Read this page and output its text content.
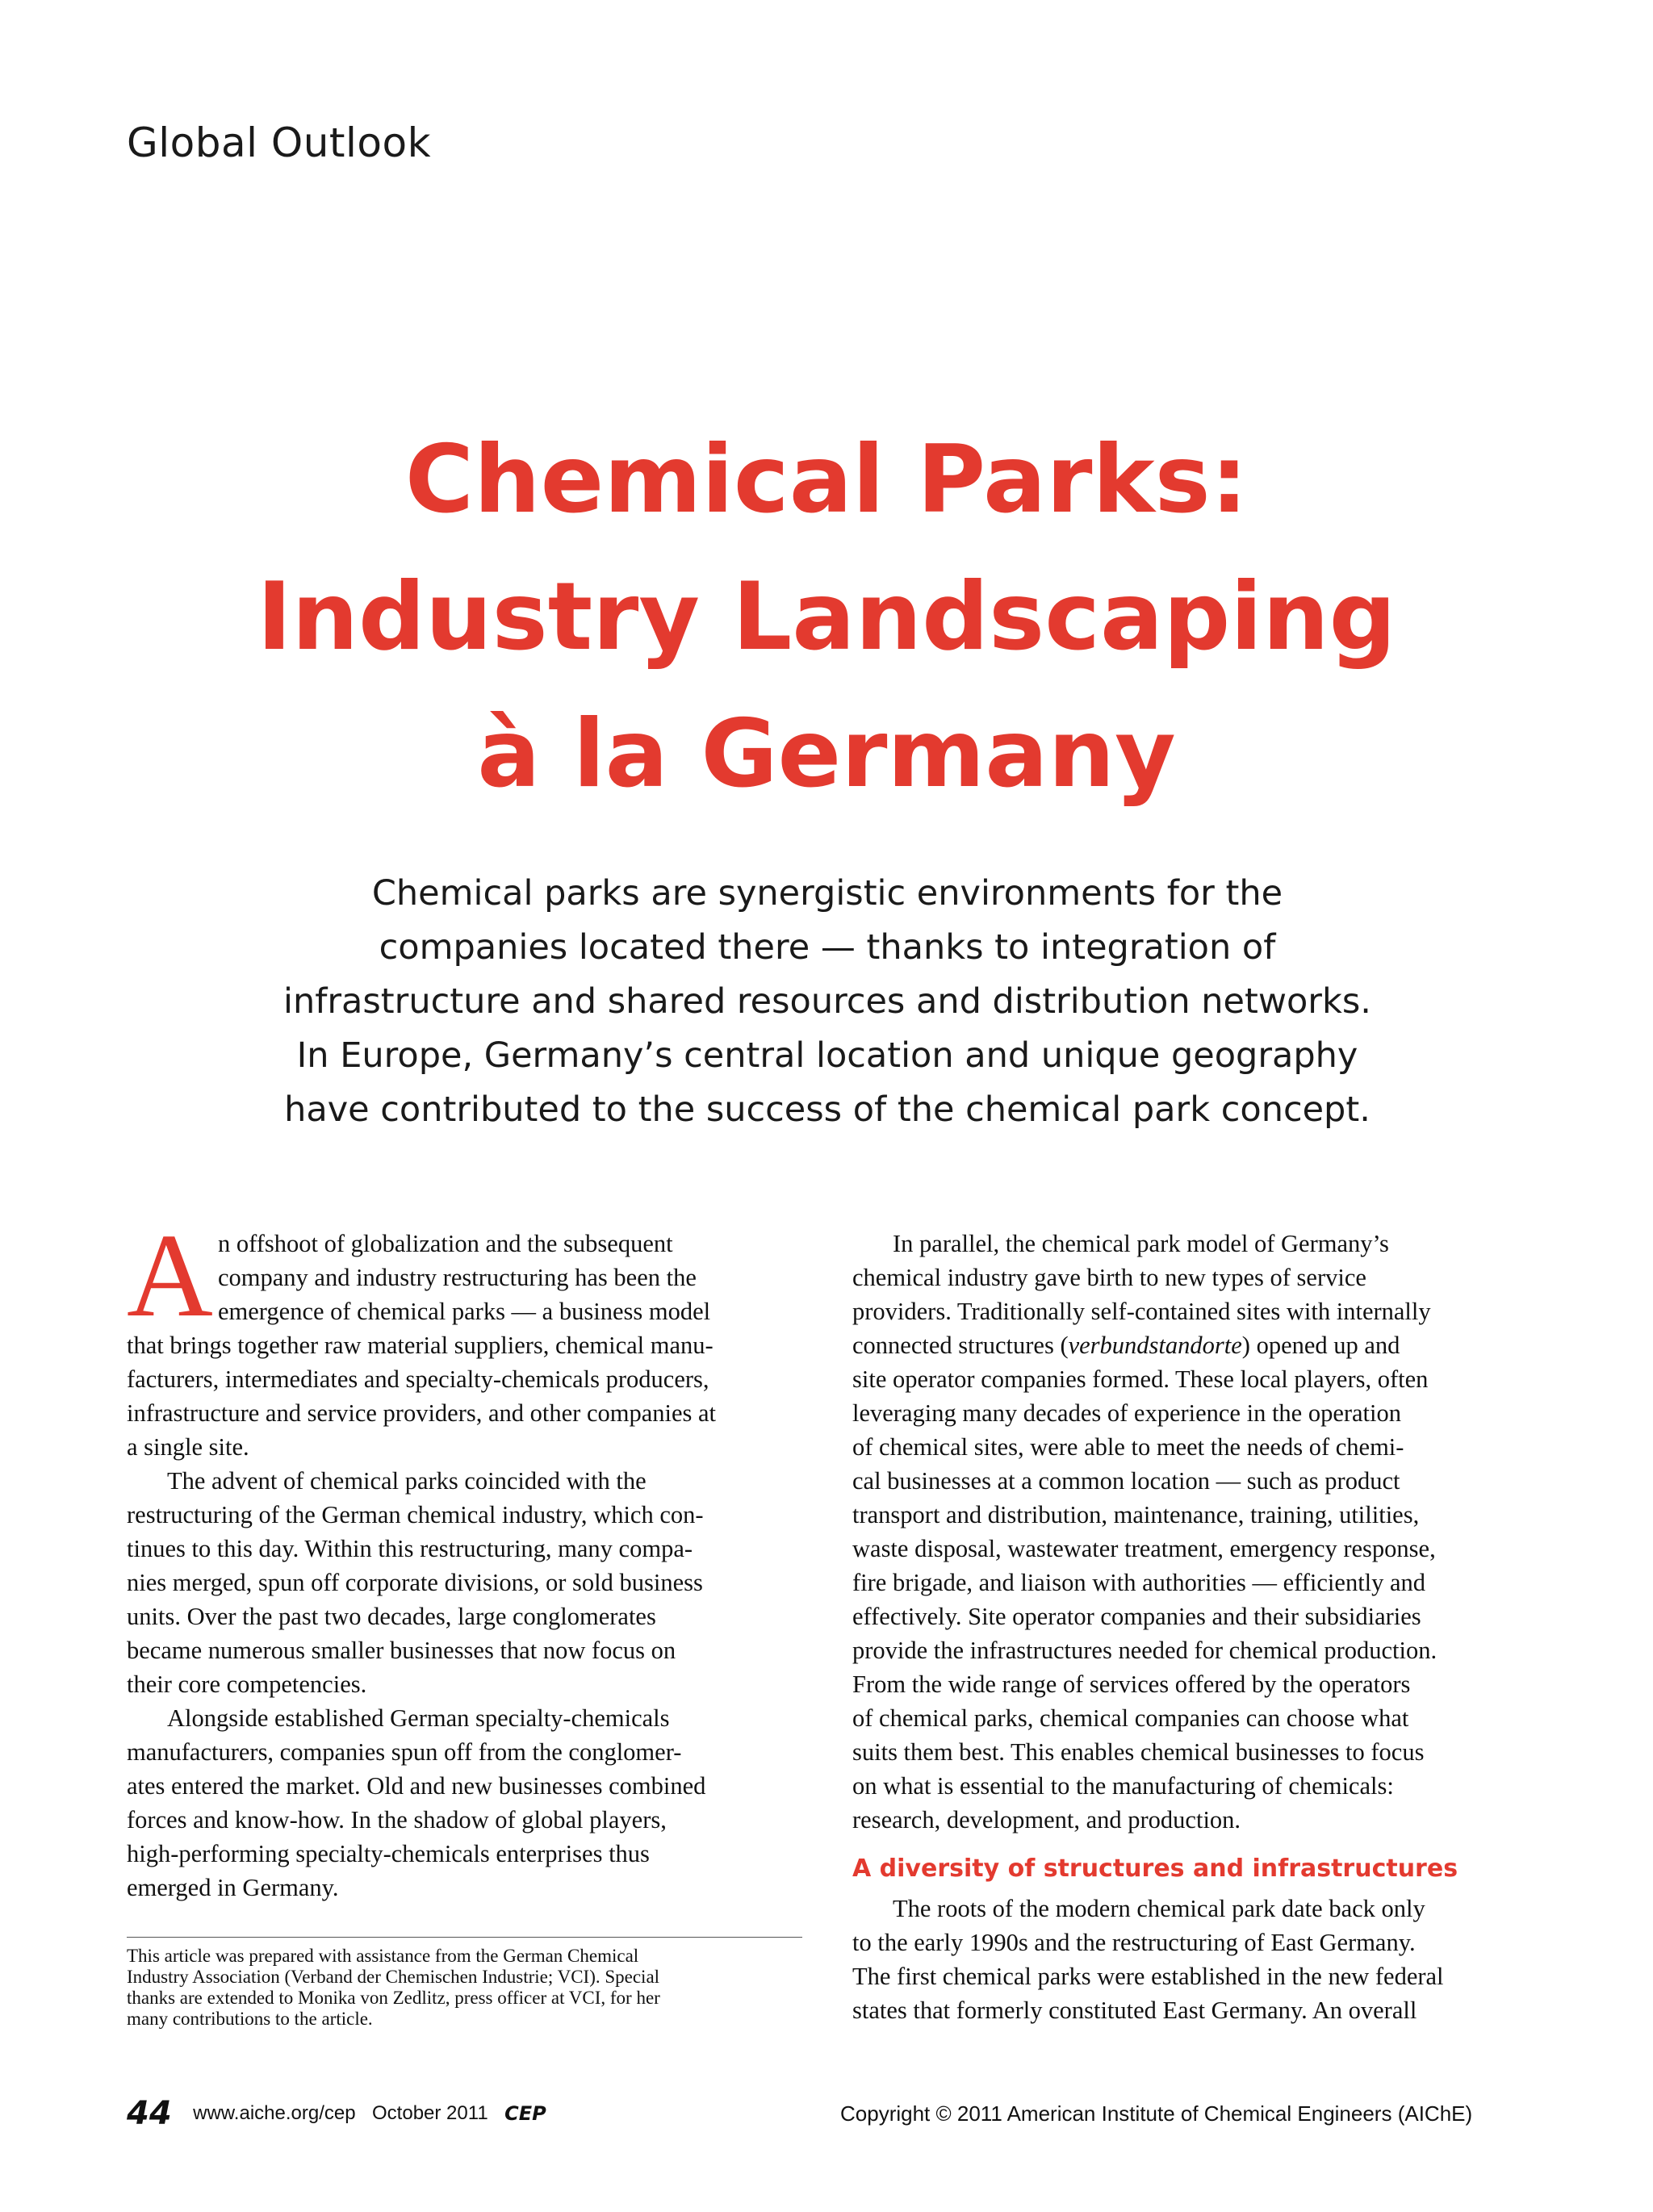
Global Outlook
Chemical Parks:
Industry Landscaping
à la Germany
Chemical parks are synergistic environments for the
companies located there — thanks to integration of
infrastructure and shared resources and distribution networks.
In Europe, Germany’s central location and unique geography
have contributed to the success of the chemical park concept.

A n offshoot of globalization and the subsequent
company and industry restructuring has been the
emergence of chemical parks — a business model
that brings together raw material suppliers, chemical manu-
facturers, intermediates and specialty-chemicals producers,
infrastructure and service providers, and other companies at
a single site.

The advent of chemical parks coincided with the
restructuring of the German chemical industry, which con-
tinues to this day. Within this restructuring, many compa-
nies merged, spun off corporate divisions, or sold business
units. Over the past two decades, large conglomerates
became numerous smaller businesses that now focus on
their core competencies.

Alongside established German specialty-chemicals
manufacturers, companies spun off from the conglomer-
ates entered the market. Old and new businesses combined
forces and know-how. In the shadow of global players,
high-performing specialty-chemicals enterprises thus
emerged in Germany.

This article was prepared with assistance from the German Chemical
Industry Association (Verband der Chemischen Industrie; VCI). Special
thanks are extended to Monika von Zedlitz, press officer at VCI, for her
many contributions to the article.

In parallel, the chemical park model of Germany’s
chemical industry gave birth to new types of service
providers. Traditionally self-contained sites with internally
connected structures (verbundstandorte) opened up and
site operator companies formed. These local players, often
leveraging many decades of experience in the operation
of chemical sites, were able to meet the needs of chemi-
cal businesses at a common location — such as product
transport and distribution, maintenance, training, utilities,
waste disposal, wastewater treatment, emergency response,
fire brigade, and liaison with authorities — efficiently and
effectively. Site operator companies and their subsidiaries
provide the infrastructures needed for chemical production.
From the wide range of services offered by the operators
of chemical parks, chemical companies can choose what
suits them best. This enables chemical businesses to focus
on what is essential to the manufacturing of chemicals:
research, development, and production.

A diversity of structures and infrastructures

The roots of the modern chemical park date back only
to the early 1990s and the restructuring of East Germany.
The first chemical parks were established in the new federal
states that formerly constituted East Germany. An overall

44 www.aiche.org/cep October 2011 CEP	Copyright © 2011 American Institute of Chemical Engineers (AIChE)
